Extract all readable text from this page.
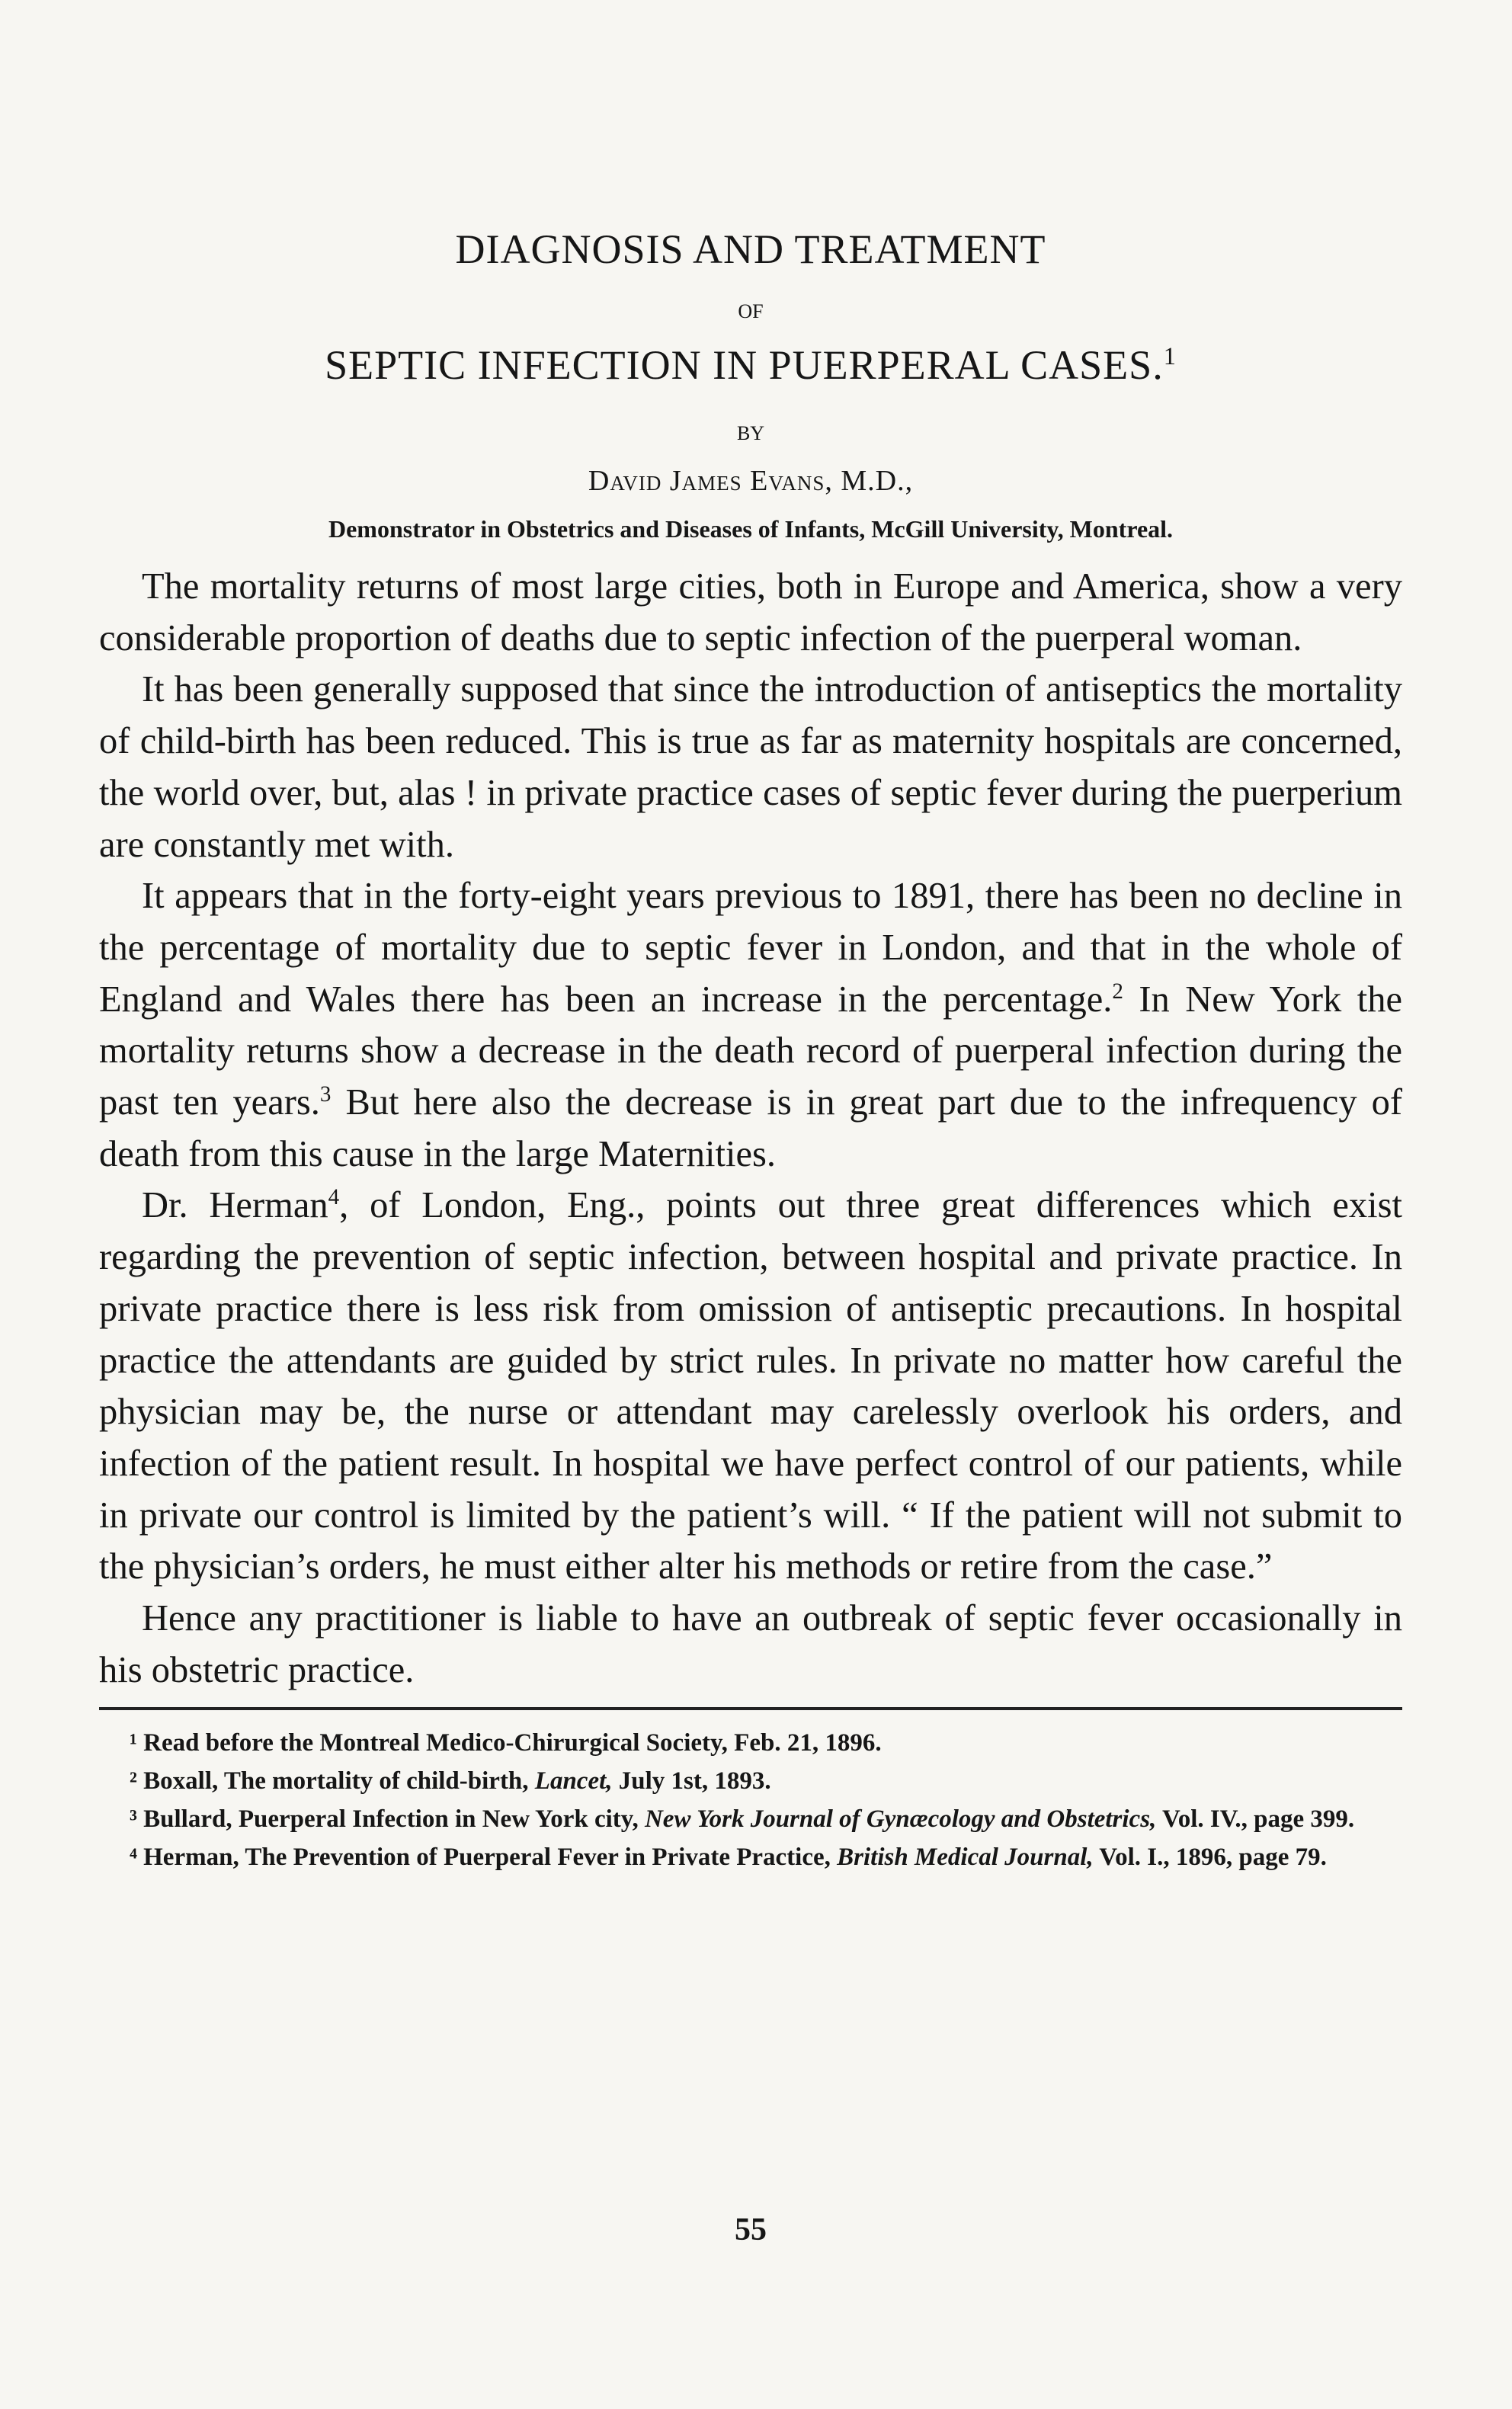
DIAGNOSIS AND TREATMENT
OF
SEPTIC INFECTION IN PUERPERAL CASES.$^1$
BY
David James Evans, M.D.,
Demonstrator in Obstetrics and Diseases of Infants, McGill University, Montreal.

The mortality returns of most large cities, both in Europe and America, show a very considerable proportion of deaths due to septic infection of the puerperal woman.

It has been generally supposed that since the introduction of antiseptics the mortality of child-birth has been reduced. This is true as far as maternity hospitals are concerned, the world over, but, alas ! in private practice cases of septic fever during the puerperium are constantly met with.

It appears that in the forty-eight years previous to 1891, there has been no decline in the percentage of mortality due to septic fever in London, and that in the whole of England and Wales there has been an increase in the percentage.$^2$ In New York the mortality returns show a decrease in the death record of puerperal infection during the past ten years.$^3$ But here also the decrease is in great part due to the infrequency of death from this cause in the large Maternities.

Dr. Herman$^4$, of London, Eng., points out three great differences which exist regarding the prevention of septic infection, between hospital and private practice. In private practice there is less risk from omission of antiseptic precautions. In hospital practice the attendants are guided by strict rules. In private no matter how careful the physician may be, the nurse or attendant may carelessly overlook his orders, and infection of the patient result. In hospital we have perfect control of our patients, while in private our control is limited by the patient’s will. “ If the patient will not submit to the physician’s orders, he must either alter his methods or retire from the case.”

Hence any practitioner is liable to have an outbreak of septic fever occasionally in his obstetric practice.

¹ Read before the Montreal Medico-Chirurgical Society, Feb. 21, 1896.

² Boxall, The mortality of child-birth, Lancet, July 1st, 1893.

³ Bullard, Puerperal Infection in New York city, New York Journal of Gynæcology and Obstetrics, Vol. IV., page 399.

⁴ Herman, The Prevention of Puerperal Fever in Private Practice, British Medical Journal, Vol. I., 1896, page 79.

55
